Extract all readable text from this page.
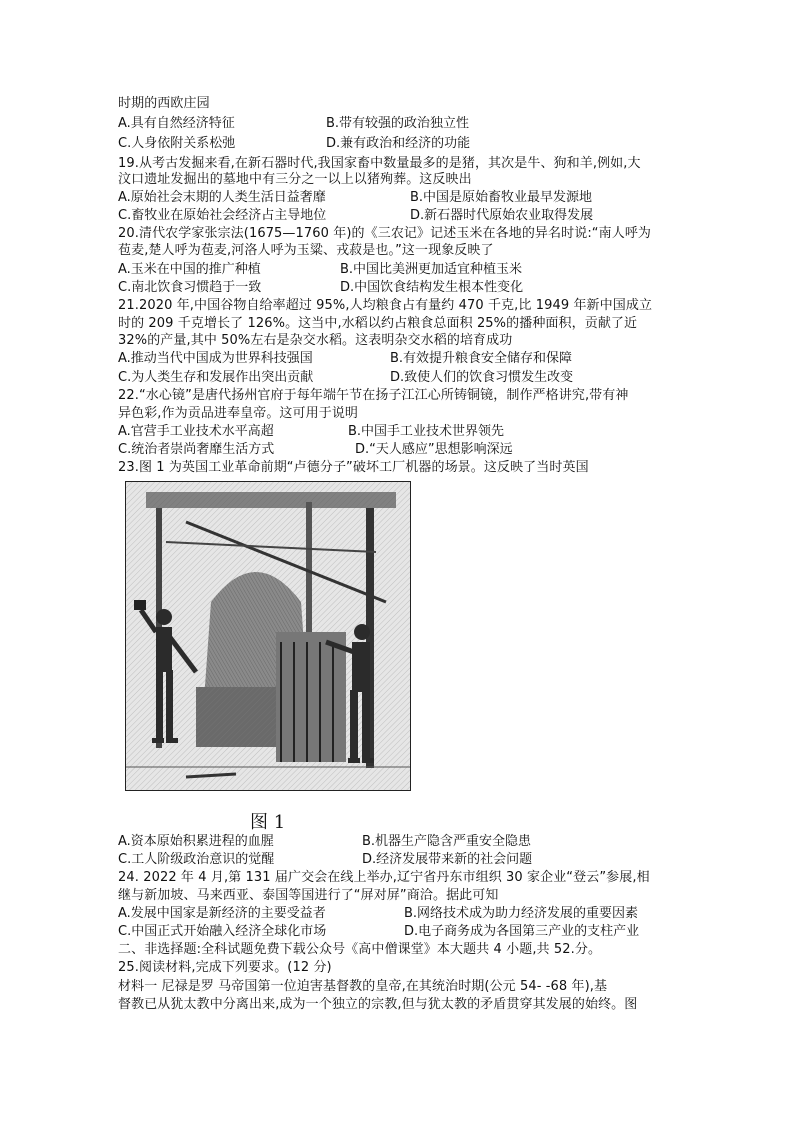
时期的西欧庄园
A.具有自然经济特征	B.带有较强的政治独立性
C.人身依附关系松弛	D.兼有政治和经济的功能
19.从考古发掘来看,在新石器时代,我国家畜中数量最多的是猪，其次是牛、狗和羊,例如,大
汶口遗址发掘出的墓地中有三分之一以上以猪殉葬。这反映出
A.原始社会末期的人类生活日益奢靡	B.中国是原始畜牧业最早发源地
C.畜牧业在原始社会经济占主导地位	D.新石器时代原始农业取得发展
20.清代农学家张宗法(1675—1760 年)的《三农记》记述玉米在各地的异名时说:“南人呼为
苞麦,楚人呼为苞麦,河洛人呼为玉粱、戎菽是也。”这一现象反映了
A.玉米在中国的推广种植	B.中国比美洲更加适宜种植玉米
C.南北饮食习惯趋于一致	D.中国饮食结构发生根本性变化
21.2020 年,中国谷物自给率超过 95%,人均粮食占有量约 470 千克,比 1949 年新中国成立
时的 209 千克增长了 126%。这当中,水稻以约占粮食总面积 25%的播种面积，贡献了近
32%的产量,其中 50%左右是杂交水稻。这表明杂交水稻的培育成功
A.推动当代中国成为世界科技强国	B.有效提升粮食安全储存和保障
C.为人类生存和发展作出突出贡献	D.致使人们的饮食习惯发生改变
22.“水心镜”是唐代扬州官府于每年端午节在扬子江江心所铸铜镜，制作严格讲究,带有神
异色彩,作为贡品进奉皇帝。这可用于说明
A.官营手工业技术水平高超	B.中国手工业技术世界领先
C.统治者崇尚奢靡生活方式	D.“天人感应”思想影响深远
23.图 1 为英国工业革命前期“卢德分子”破坏工厂机器的场景。这反映了当时英国
图 1
A.资本原始积累进程的血腥	B.机器生产隐含严重安全隐患
C.工人阶级政治意识的觉醒	D.经济发展带来新的社会问题
24. 2022 年 4 月,第 131 届广交会在线上举办,辽宁省丹东市组织 30 家企业“登云”参展,相
继与新加坡、马来西亚、泰国等国进行了“屏对屏”商洽。据此可知
A.发展中国家是新经济的主要受益者	B.网络技术成为助力经济发展的重要因素
C.中国正式开始融入经济全球化市场	D.电子商务成为各国第三产业的支柱产业
二、非选择题:全科试题免费下载公众号《高中僧课堂》本大题共 4 小题,共 52.分。
25.阅读材料,完成下列要求。(12 分)
材料一 尼禄是罗 马帝国第一位迫害基督教的皇帝,在其统治时期(公元 54- -68 年),基
督教已从犹太教中分离出来,成为一个独立的宗教,但与犹太教的矛盾贯穿其发展的始终。图
